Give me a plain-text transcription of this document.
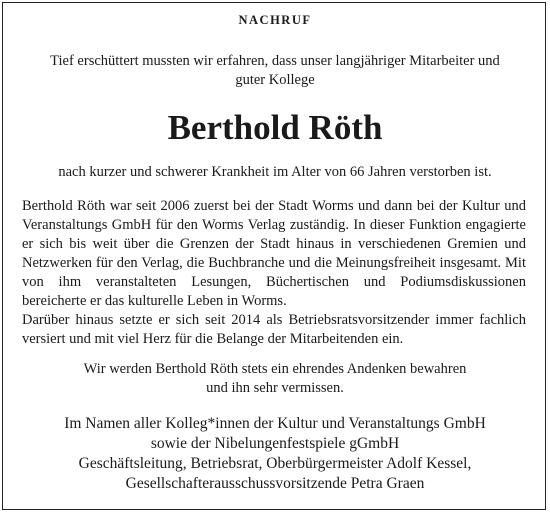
NACHRUF
Tief erschüttert mussten wir erfahren, dass unser langjähriger Mitarbeiter und
guter Kollege
Berthold Röth
nach kurzer und schwerer Krankheit im Alter von 66 Jahren verstorben ist.

Berthold Röth war seit 2006 zuerst bei der Stadt Worms und dann bei der Kultur und Veranstaltungs GmbH für den Worms Verlag zuständig. In dieser Funktion engagierte er sich bis weit über die Grenzen der Stadt hinaus in verschiedenen Gremien und Netzwerken für den Verlag, die Buchbranche und die Meinungsfreiheit insgesamt. Mit von ihm veranstalteten Lesungen, Büchertischen und Podiumsdiskussionen bereicherte er das kulturelle Leben in Worms.

Darüber hinaus setzte er sich seit 2014 als Betriebsratsvorsitzender immer fachlich versiert und mit viel Herz für die Belange der Mitarbeitenden ein.

Wir werden Berthold Röth stets ein ehrendes Andenken bewahren
und ihn sehr vermissen.
Im Namen aller Kolleg*innen der Kultur und Veranstaltungs GmbH
sowie der Nibelungenfestspiele gGmbH
Geschäftsleitung, Betriebsrat, Oberbürgermeister Adolf Kessel,
Gesellschafterausschussvorsitzende Petra Graen
